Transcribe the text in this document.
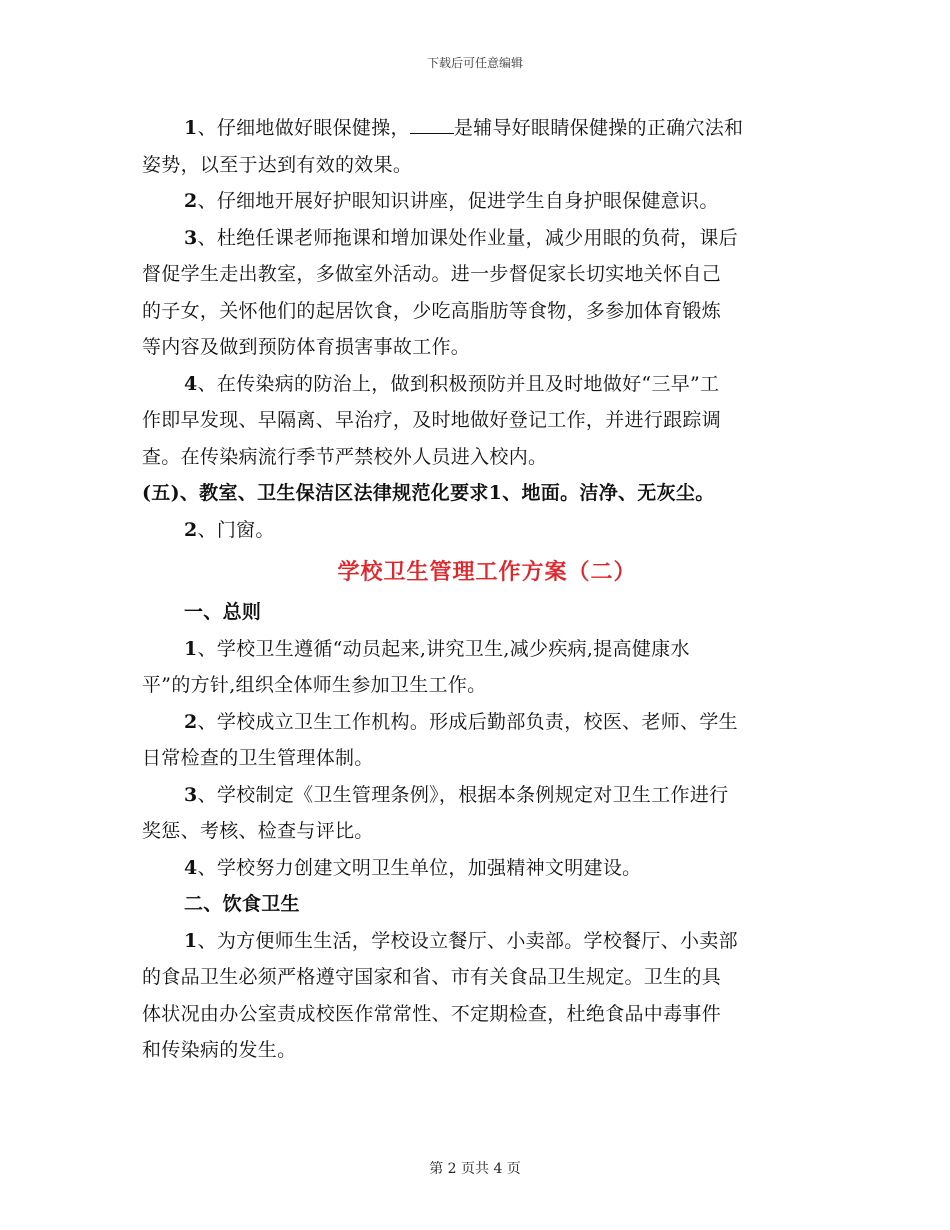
下载后可任意编辑
1、仔细地做好眼保健操， 是辅导好眼睛保健操的正确穴法和
姿势，以至于达到有效的效果。
2、仔细地开展好护眼知识讲座，促进学生自身护眼保健意识。
3、杜绝任课老师拖课和增加课处作业量，减少用眼的负荷，课后
督促学生走出教室，多做室外活动。进一步督促家长切实地关怀自己
的子女，关怀他们的起居饮食，少吃高脂肪等食物，多参加体育锻炼
等内容及做到预防体育损害事故工作。
4、在传染病的防治上，做到积极预防并且及时地做好“三早”工
作即早发现、早隔离、早治疗，及时地做好登记工作，并进行跟踪调
查。在传染病流行季节严禁校外人员进入校内。
(五)、教室、卫生保洁区法律规范化要求1、地面。洁净、无灰尘。
2、门窗。
学校卫生管理工作方案（二）
一、总则
1、学校卫生遵循“动员起来,讲究卫生,减少疾病,提高健康水
平”的方针,组织全体师生参加卫生工作。
2、学校成立卫生工作机构。形成后勤部负责，校医、老师、学生
日常检查的卫生管理体制。
3、学校制定《卫生管理条例》，根据本条例规定对卫生工作进行
奖惩、考核、检查与评比。
4、学校努力创建文明卫生单位，加强精神文明建设。
二、饮食卫生
1、为方便师生生活，学校设立餐厅、小卖部。学校餐厅、小卖部
的食品卫生必须严格遵守国家和省、市有关食品卫生规定。卫生的具
体状况由办公室责成校医作常常性、不定期检查，杜绝食品中毒事件
和传染病的发生。
第 2 页共 4 页
